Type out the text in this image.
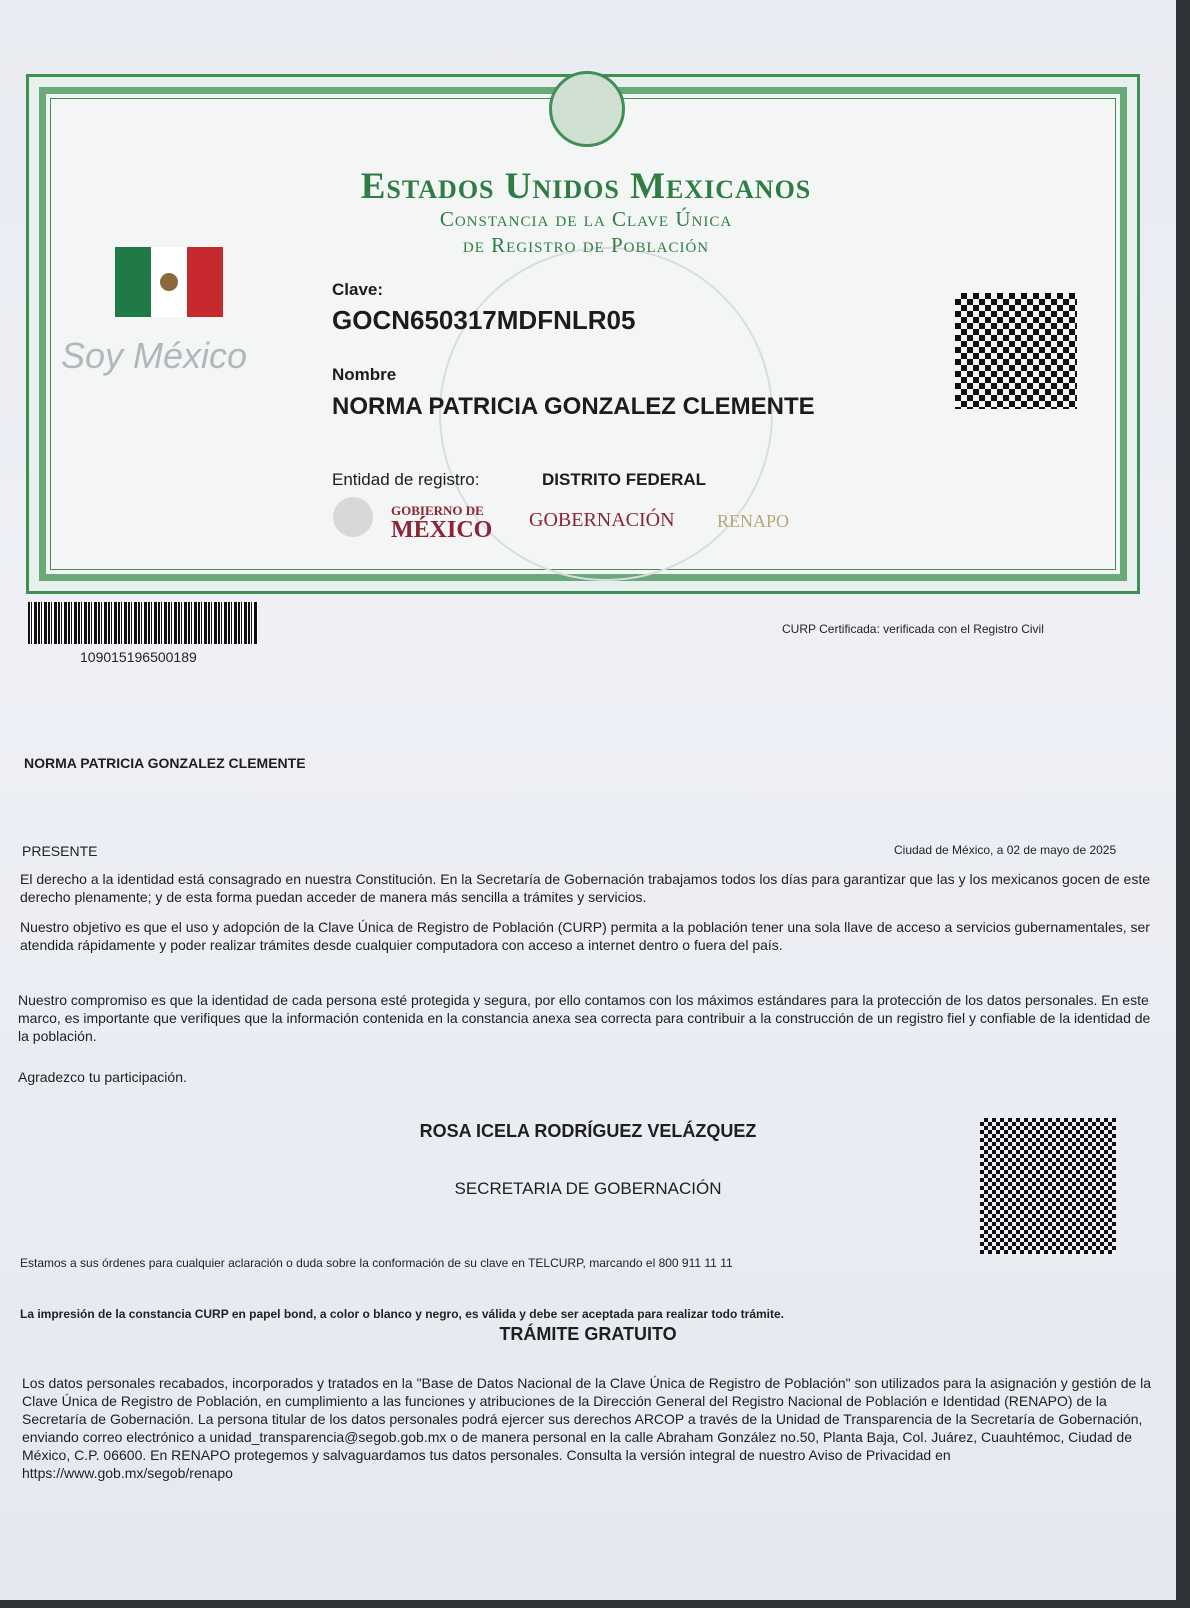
Estados Unidos Mexicanos
Constancia de la Clave Única
de Registro de Población
Soy México
Clave:
GOCN650317MDFNLR05
Nombre
NORMA PATRICIA GONZALEZ CLEMENTE
Entidad de registro:	DISTRITO FEDERAL
GOBIERNO DE
MÉXICO GOBERNACIÓN RENAPO
109015196500189
CURP Certificada: verificada con el Registro Civil
NORMA PATRICIA GONZALEZ CLEMENTE
PRESENTE	Ciudad de México, a 02 de mayo de 2025
El derecho a la identidad está consagrado en nuestra Constitución. En la Secretaría de Gobernación trabajamos todos los días para garantizar que las y los mexicanos gocen de este derecho plenamente; y de esta forma puedan acceder de manera más sencilla a trámites y servicios.
Nuestro objetivo es que el uso y adopción de la Clave Única de Registro de Población (CURP) permita a la población tener una sola llave de acceso a servicios gubernamentales, ser atendida rápidamente y poder realizar trámites desde cualquier computadora con acceso a internet dentro o fuera del país.
Nuestro compromiso es que la identidad de cada persona esté protegida y segura, por ello contamos con los máximos estándares para la protección de los datos personales. En este marco, es importante que verifiques que la información contenida en la constancia anexa sea correcta para contribuir a la construcción de un registro fiel y confiable de la identidad de la población.
Agradezco tu participación.
ROSA ICELA RODRÍGUEZ VELÁZQUEZ
SECRETARIA DE GOBERNACIÓN
Estamos a sus órdenes para cualquier aclaración o duda sobre la conformación de su clave en TELCURP, marcando el 800 911 11 11
La impresión de la constancia CURP en papel bond, a color o blanco y negro, es válida y debe ser aceptada para realizar todo trámite.
TRÁMITE GRATUITO
Los datos personales recabados, incorporados y tratados en la "Base de Datos Nacional de la Clave Única de Registro de Población" son utilizados para la asignación y gestión de la Clave Única de Registro de Población, en cumplimiento a las funciones y atribuciones de la Dirección General del Registro Nacional de Población e Identidad (RENAPO) de la Secretaría de Gobernación. La persona titular de los datos personales podrá ejercer sus derechos ARCOP a través de la Unidad de Transparencia de la Secretaría de Gobernación, enviando correo electrónico a unidad_transparencia@segob.gob.mx o de manera personal en la calle Abraham González no.50, Planta Baja, Col. Juárez, Cuauhtémoc, Ciudad de México, C.P. 06600. En RENAPO protegemos y salvaguardamos tus datos personales. Consulta la versión integral de nuestro Aviso de Privacidad en https://www.gob.mx/segob/renapo
